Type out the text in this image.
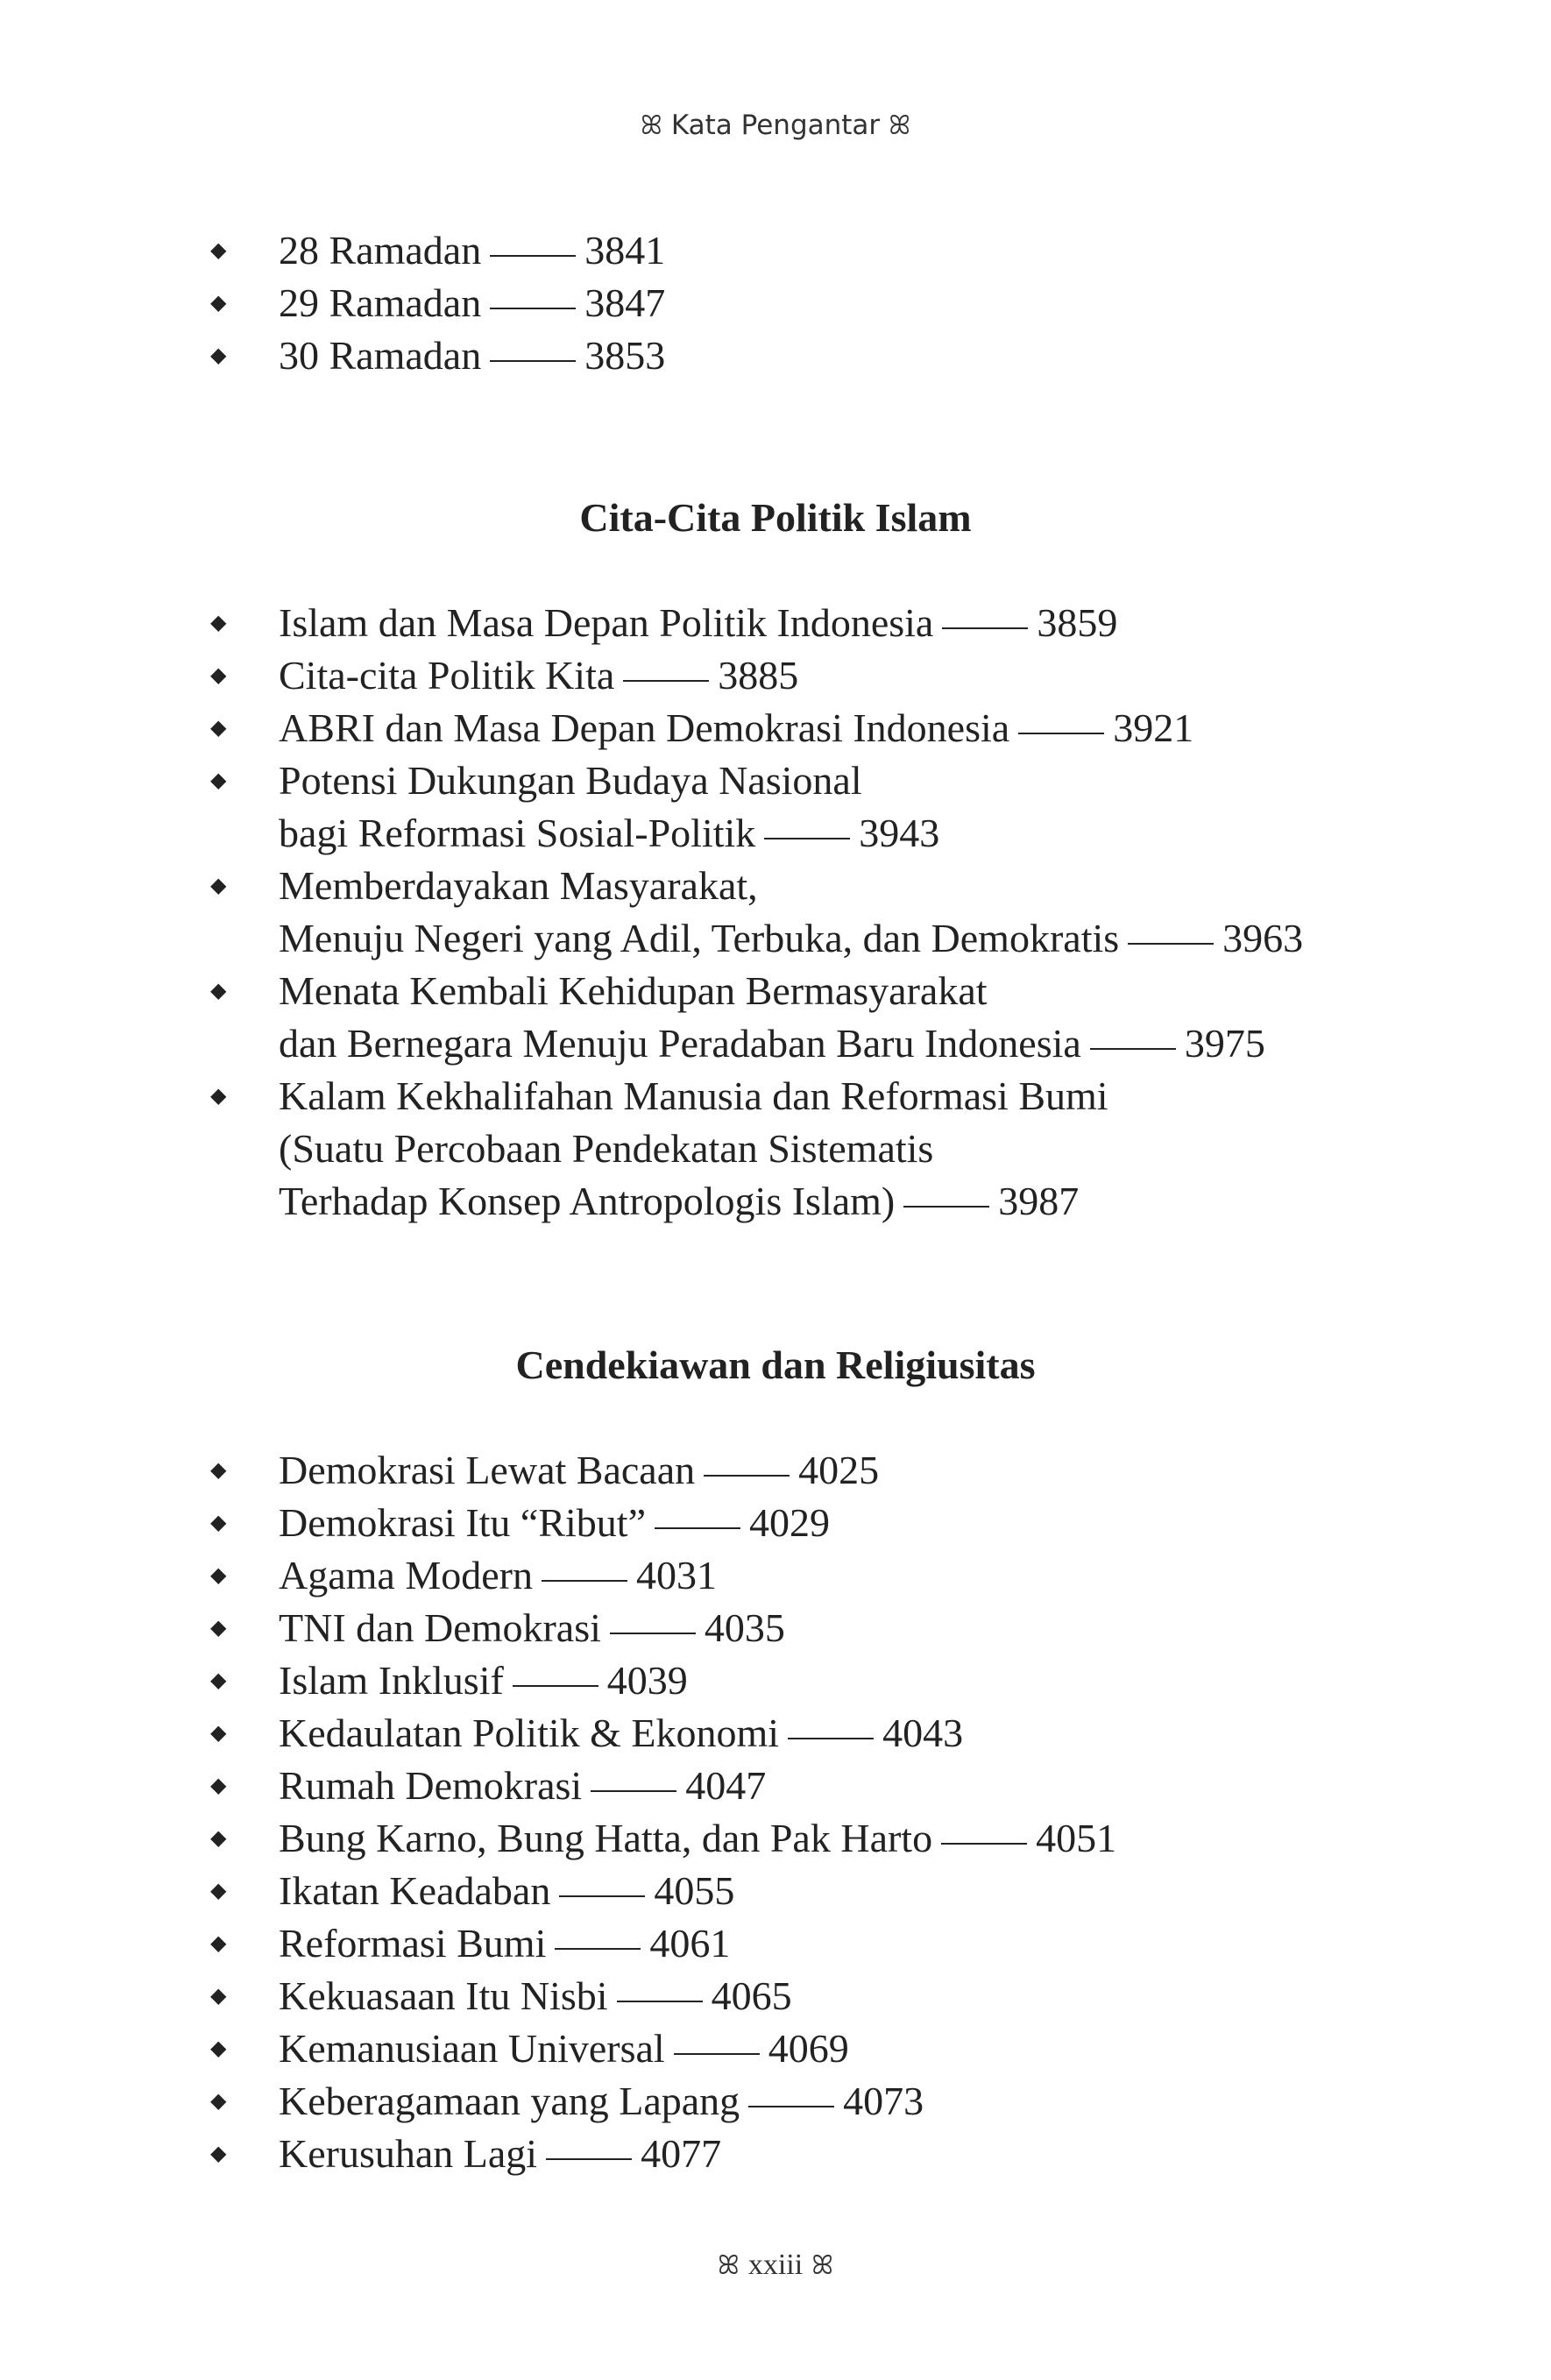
ꕤ Kata Pengantar ꕤ
◆ 28 Ramadan	3841
◆ 29 Ramadan	3847
◆ 30 Ramadan	3853
Cita-Cita Politik Islam
◆ Islam dan Masa Depan Politik Indonesia	3859
◆ Cita-cita Politik Kita	3885
◆ ABRI dan Masa Depan Demokrasi Indonesia	3921
◆ Potensi Dukungan Budaya Nasional
bagi Reformasi Sosial-Politik	3943
◆ Memberdayakan Masyarakat,
Menuju Negeri yang Adil, Terbuka, dan Demokratis	3963
◆ Menata Kembali Kehidupan Bermasyarakat
dan Bernegara Menuju Peradaban Baru Indonesia	3975
◆ Kalam Kekhalifahan Manusia dan Reformasi Bumi
(Suatu Percobaan Pendekatan Sistematis
Terhadap Konsep Antropologis Islam)	3987
Cendekiawan dan Religiusitas
◆ Demokrasi Lewat Bacaan	4025
◆ Demokrasi Itu “Ribut”	4029
◆ Agama Modern	4031
◆ TNI dan Demokrasi	4035
◆ Islam Inklusif	4039
◆ Kedaulatan Politik & Ekonomi	4043
◆ Rumah Demokrasi	4047
◆ Bung Karno, Bung Hatta, dan Pak Harto	4051
◆ Ikatan Keadaban	4055
◆ Reformasi Bumi	4061
◆ Kekuasaan Itu Nisbi	4065
◆ Kemanusiaan Universal	4069
◆ Keberagamaan yang Lapang	4073
◆ Kerusuhan Lagi	4077
ꕤ xxiii ꕤ
